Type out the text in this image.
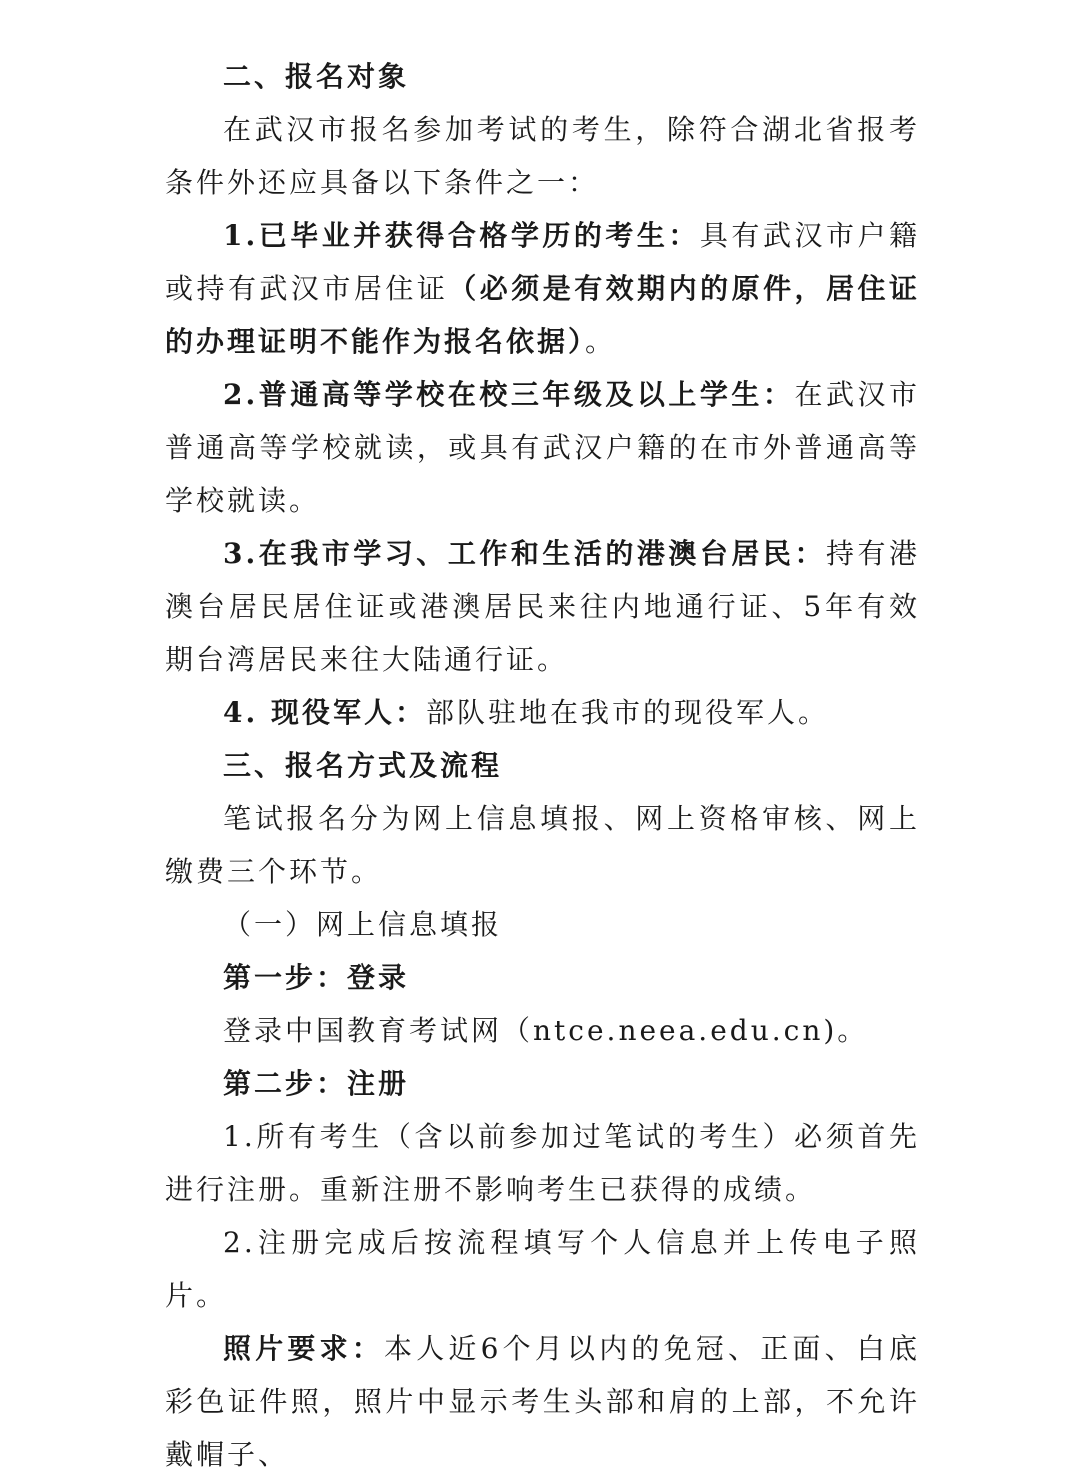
二、报名对象

在武汉市报名参加考试的考生，除符合湖北省报考条件外还应具备以下条件之一：

1.已毕业并获得合格学历的考生：具有武汉市户籍或持有武汉市居住证（必须是有效期内的原件，居住证的办理证明不能作为报名依据）。

2.普通高等学校在校三年级及以上学生：在武汉市普通高等学校就读，或具有武汉户籍的在市外普通高等学校就读。

3.在我市学习、工作和生活的港澳台居民：持有港澳台居民居住证或港澳居民来往内地通行证、5年有效期台湾居民来往大陆通行证。

4. 现役军人：部队驻地在我市的现役军人。

三、报名方式及流程

笔试报名分为网上信息填报、网上资格审核、网上缴费三个环节。

（一）网上信息填报

第一步：登录

登录中国教育考试网（ntce.neea.edu.cn)。

第二步：注册

1.所有考生（含以前参加过笔试的考生）必须首先进行注册。重新注册不影响考生已获得的成绩。

2.注册完成后按流程填写个人信息并上传电子照片。

照片要求：本人近6个月以内的免冠、正面、白底彩色证件照，照片中显示考生头部和肩的上部，不允许戴帽子、
